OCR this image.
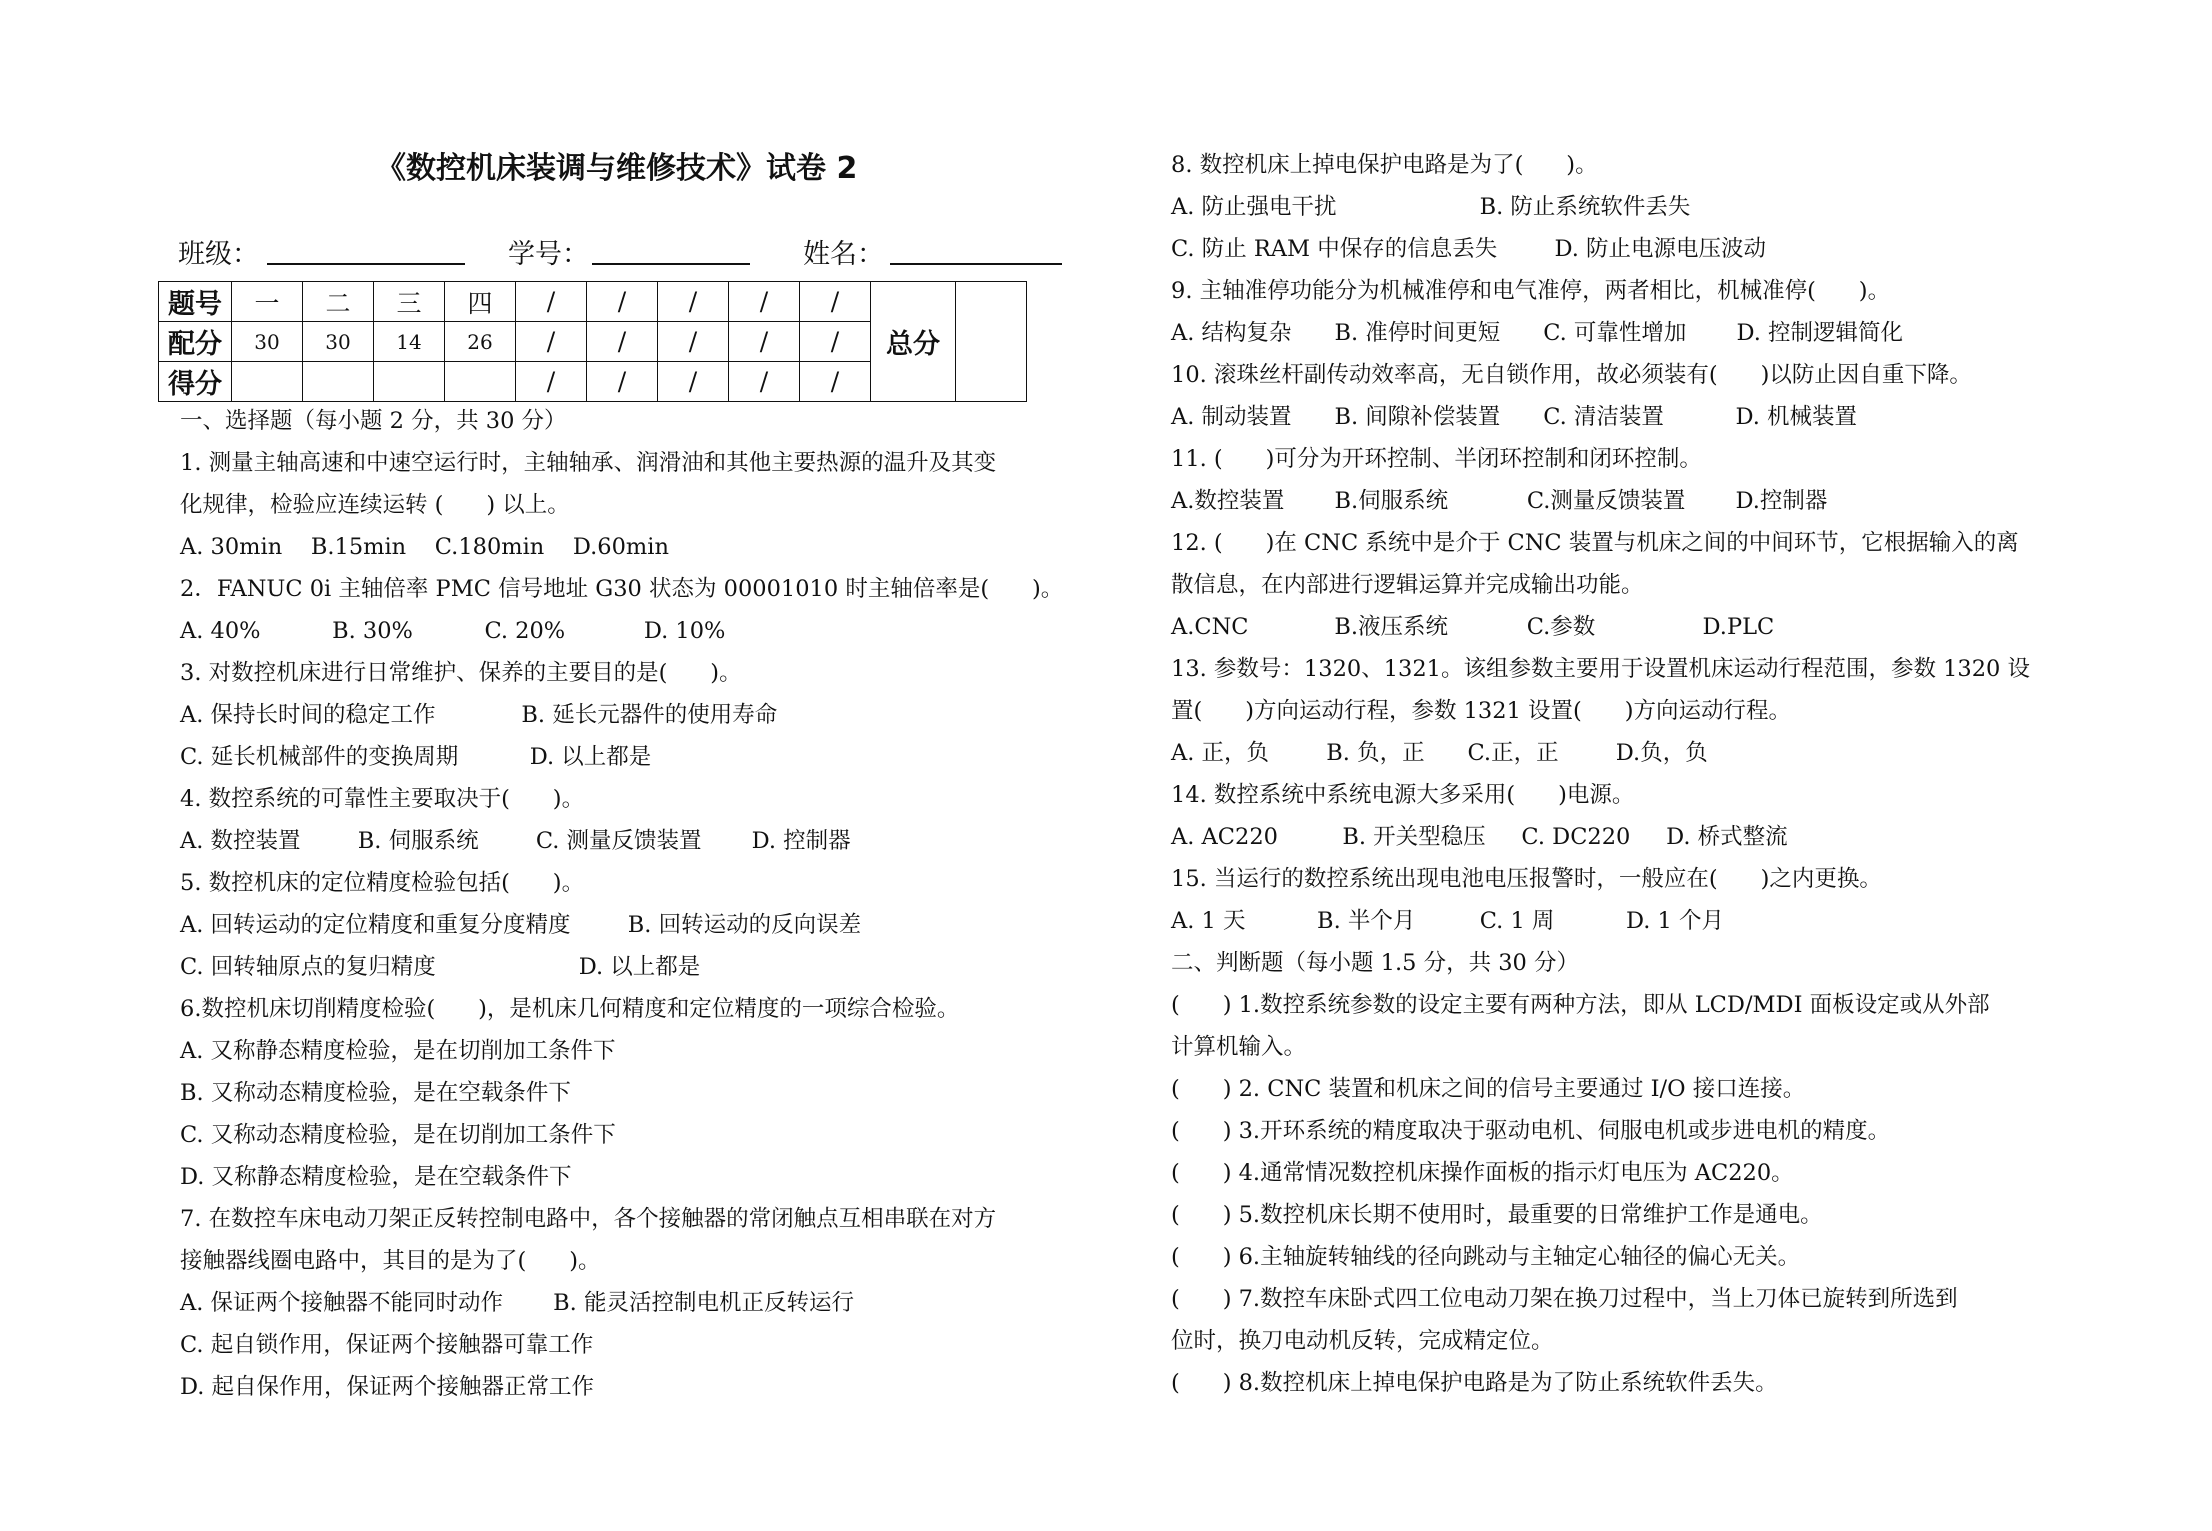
《数控机床装调与维修技术》试卷 2
班级：	学号：	姓名：
题号	一	二	三	四	/	/	/	/	/	总分	
配分	30	30	14	26	/	/	/	/	/		
得分					/	/	/	/	/		
一、选择题（每小题 2 分，共 30 分）
1. 测量主轴高速和中速空运行时，主轴轴承、润滑油和其他主要热源的温升及其变
化规律，检验应连续运转 (      ) 以上。
A. 30min    B.15min    C.180min    D.60min
2．FANUC 0i 主轴倍率 PMC 信号地址 G30 状态为 00001010 时主轴倍率是(      )。
A. 40%          B. 30%          C. 20%           D. 10%
3. 对数控机床进行日常维护、保养的主要目的是(      )。
A. 保持长时间的稳定工作            B. 延长元器件的使用寿命
C. 延长机械部件的变换周期          D. 以上都是
4. 数控系统的可靠性主要取决于(      )。
A. 数控装置        B. 伺服系统        C. 测量反馈装置       D. 控制器
5. 数控机床的定位精度检验包括(      )。
A. 回转运动的定位精度和重复分度精度        B. 回转运动的反向误差
C. 回转轴原点的复归精度                    D. 以上都是
6.数控机床切削精度检验(      )，是机床几何精度和定位精度的一项综合检验。
A. 又称静态精度检验，是在切削加工条件下
B. 又称动态精度检验，是在空载条件下
C. 又称动态精度检验，是在切削加工条件下
D. 又称静态精度检验，是在空载条件下
7. 在数控车床电动刀架正反转控制电路中，各个接触器的常闭触点互相串联在对方
接触器线圈电路中，其目的是为了(      )。
A. 保证两个接触器不能同时动作       B. 能灵活控制电机正反转运行
C. 起自锁作用，保证两个接触器可靠工作
D. 起自保作用，保证两个接触器正常工作
8. 数控机床上掉电保护电路是为了(      )。
A. 防止强电干扰                    B. 防止系统软件丢失
C. 防止 RAM 中保存的信息丢失        D. 防止电源电压波动
9. 主轴准停功能分为机械准停和电气准停，两者相比，机械准停(      )。
A. 结构复杂      B. 准停时间更短      C. 可靠性增加       D. 控制逻辑简化
10. 滚珠丝杆副传动效率高，无自锁作用，故必须装有(      )以防止因自重下降。
A. 制动装置      B. 间隙补偿装置      C. 清洁装置          D. 机械装置
11. (      )可分为开环控制、半闭环控制和闭环控制。
A.数控装置       B.伺服系统           C.测量反馈装置       D.控制器
12. (      )在 CNC 系统中是介于 CNC 装置与机床之间的中间环节，它根据输入的离
散信息，在内部进行逻辑运算并完成输出功能。
A.CNC            B.液压系统           C.参数               D.PLC
13. 参数号：1320、1321。该组参数主要用于设置机床运动行程范围，参数 1320 设
置(      )方向运动行程，参数 1321 设置(      )方向运动行程。
A. 正，负        B. 负，正      C.正，正        D.负，负
14. 数控系统中系统电源大多采用(      )电源。
A. AC220         B. 开关型稳压     C. DC220     D. 桥式整流
15. 当运行的数控系统出现电池电压报警时，一般应在(      )之内更换。
A. 1 天          B. 半个月         C. 1 周          D. 1 个月
二、判断题（每小题 1.5 分，共 30 分）
(      ) 1.数控系统参数的设定主要有两种方法，即从 LCD/MDI 面板设定或从外部
计算机输入。
(      ) 2. CNC 装置和机床之间的信号主要通过 I/O 接口连接。
(      ) 3.开环系统的精度取决于驱动电机、伺服电机或步进电机的精度。
(      ) 4.通常情况数控机床操作面板的指示灯电压为 AC220。
(      ) 5.数控机床长期不使用时，最重要的日常维护工作是通电。
(      ) 6.主轴旋转轴线的径向跳动与主轴定心轴径的偏心无关。
(      ) 7.数控车床卧式四工位电动刀架在换刀过程中，当上刀体已旋转到所选到
位时，换刀电动机反转，完成精定位。
(      ) 8.数控机床上掉电保护电路是为了防止系统软件丢失。
